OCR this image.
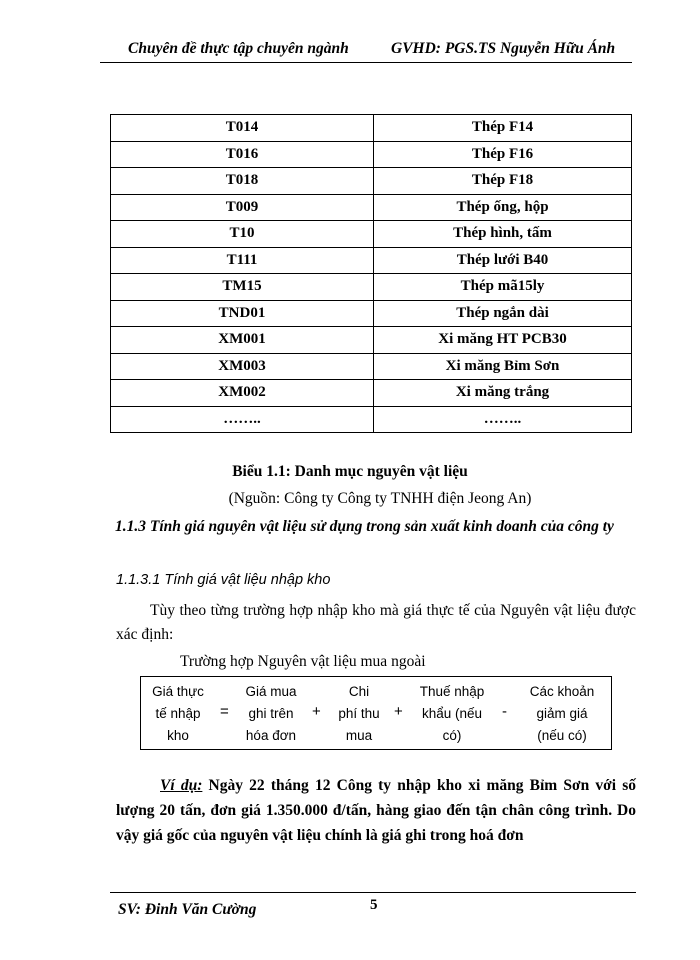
Chuyên đề thực tập chuyên ngành	GVHD: PGS.TS Nguyễn Hữu Ánh
T014	Thép F14
T016	Thép F16
T018	Thép F18
T009	Thép ống, hộp
T10	Thép hình, tấm
T111	Thép lưới B40
TM15	Thép mã15ly
TND01	Thép ngắn dài
XM001	Xi măng HT PCB30
XM003	Xi măng Bỉm Sơn
XM002	Xi măng trắng
……..	……..
Biểu 1.1: Danh mục nguyên vật liệu
(Nguồn: Công ty Công ty TNHH điện Jeong An)
1.1.3 Tính giá nguyên vật liệu sử dụng trong sản xuất kinh doanh của công ty
1.1.3.1 Tính giá vật liệu nhập kho
Tùy theo từng trường hợp nhập kho mà giá thực tế của Nguyên vật liệu được xác định:
Trường hợp Nguyên vật liệu mua ngoài
Giá thực
tế nhập
kho
=
Giá mua
ghi trên
hóa đơn
+
Chi
phí thu
mua
+
Thuế nhập
khẩu (nếu
có)
-
Các khoản
giảm giá
(nếu có)
Ví dụ: Ngày 22 tháng 12 Công ty nhập kho xi măng Bỉm Sơn với số lượng 20 tấn, đơn giá 1.350.000 đ/tấn, hàng giao đến tận chân công trình. Do vậy giá gốc của nguyên vật liệu chính là giá ghi trong hoá đơn
SV: Đinh Văn Cường	5
